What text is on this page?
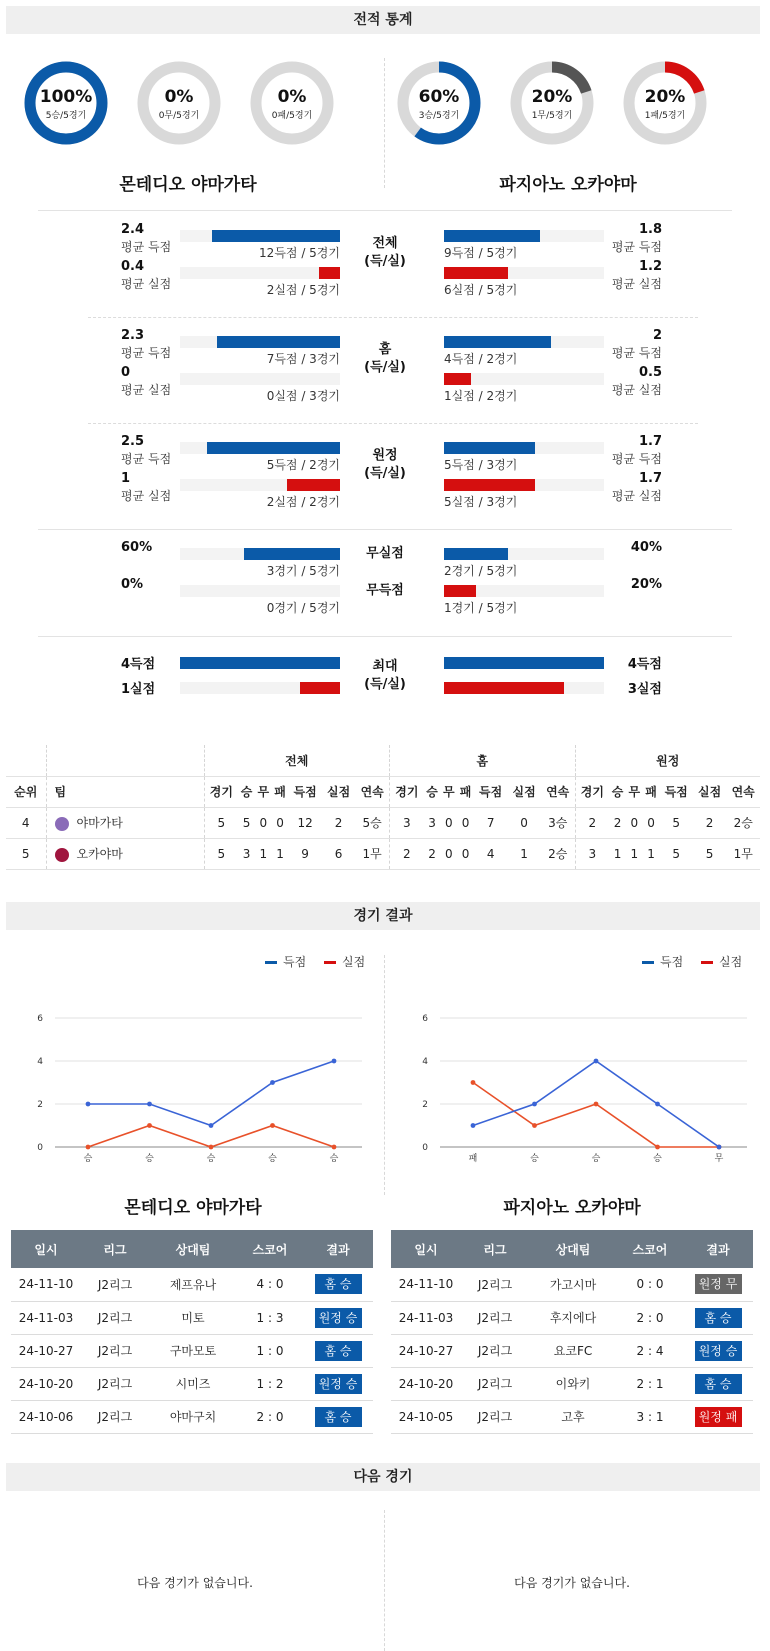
전적 통계
100%
5승/5경기
0%
0무/5경기
0%
0패/5경기
60%
3승/5경기
20%
1무/5경기
20%
1패/5경기
몬테디오 야마가타	파지아노 오카야마
2.4
평균 득점	12득점 / 5경기	9득점 / 5경기
1.8
평균 득점
0.4
평균 실점	2실점 / 5경기	6실점 / 5경기
1.2
평균 실점
전체
(득/실)
2.3
평균 득점	7득점 / 3경기	4득점 / 2경기
2
평균 득점
0
평균 실점	0실점 / 3경기	1실점 / 2경기
0.5
평균 실점
홈
(득/실)
2.5
평균 득점	5득점 / 2경기	5득점 / 3경기
1.7
평균 득점
1
평균 실점	2실점 / 2경기	5실점 / 3경기
1.7
평균 실점
원정
(득/실)
60%
3경기 / 5경기	2경기 / 5경기
40%
무실점
0%
0경기 / 5경기	1경기 / 5경기
20%
무득점
4득점	4득점
1실점	3실점
최대
(득/실)
		전체							홈							원정						
순위	팀	경기	승	무	패	득점	실점	연속	경기	승	무	패	득점	실점	연속	경기	승	무	패	득점	실점	연속
4	야마가타	5	5	0	0	12	2	5승	3	3	0	0	7	0	3승	2	2	0	0	5	2	2승
5	오카야마	5	3	1	1	9	6	1무	2	2	0	0	4	1	2승	3	1	1	1	5	5	1무
경기 결과
득점	실점	득점	실점
0
2
4
6
승	승	승	승	승
0
2
4
6
패	승	승	승	무
몬테디오 야마가타	파지아노 오카야마
일시	리그	상대팀	스코어	결과
24-11-10	J2리그	제프유나	4 : 0	홈 승
24-11-03	J2리그	미토	1 : 3	원정 승
24-10-27	J2리그	구마모토	1 : 0	홈 승
24-10-20	J2리그	시미즈	1 : 2	원정 승
24-10-06	J2리그	야마구치	2 : 0	홈 승
일시	리그	상대팀	스코어	결과
24-11-10	J2리그	가고시마	0 : 0	원정 무
24-11-03	J2리그	후지에다	2 : 0	홈 승
24-10-27	J2리그	요코FC	2 : 4	원정 승
24-10-20	J2리그	이와키	2 : 1	홈 승
24-10-05	J2리그	고후	3 : 1	원정 패
다음 경기
다음 경기가 없습니다.	다음 경기가 없습니다.
